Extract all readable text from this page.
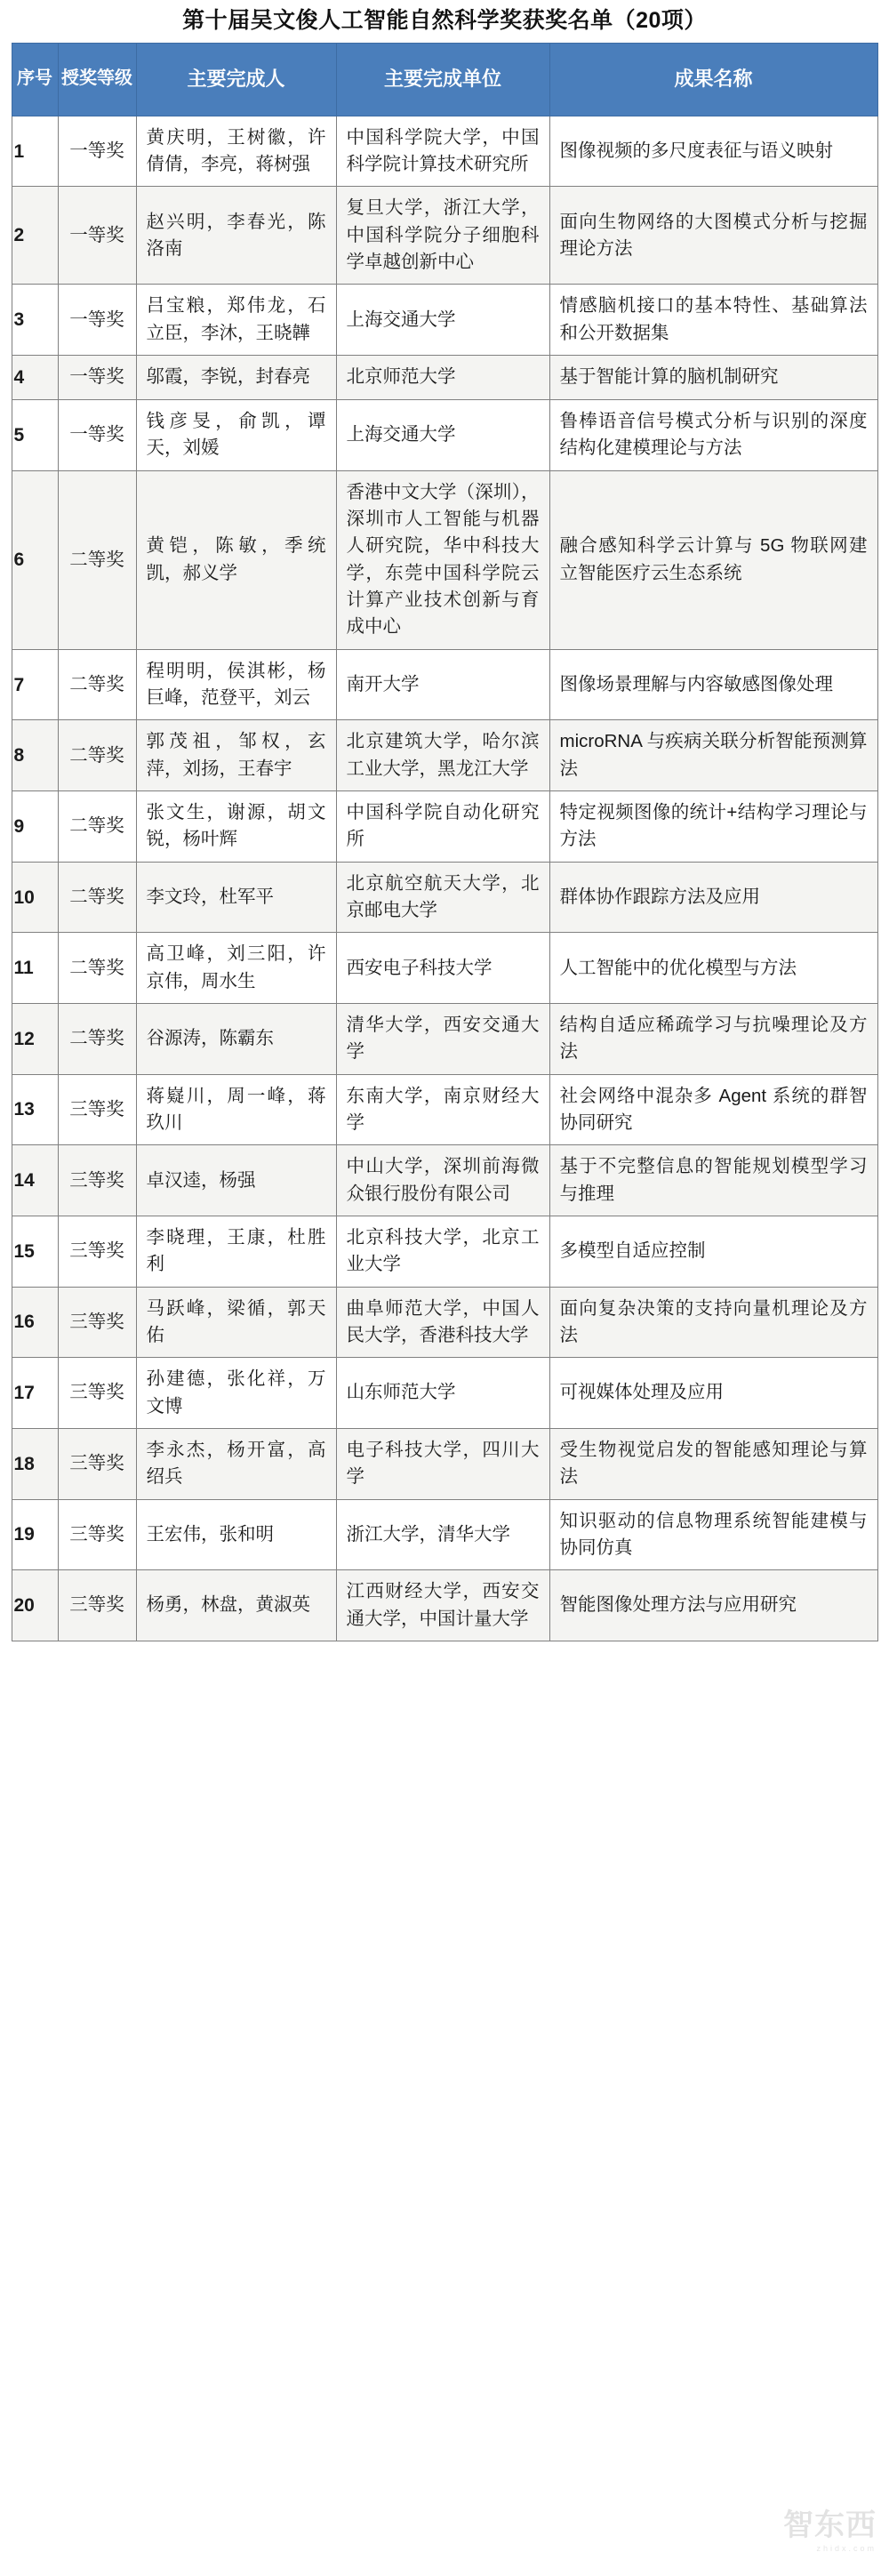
第十届吴文俊人工智能自然科学奖获奖名单（20项）
序号	授奖等级	主要完成人	主要完成单位	成果名称
1	一等奖	黄庆明，王树徽，许倩倩，李亮，蒋树强	中国科学院大学，中国科学院计算技术研究所	图像视频的多尺度表征与语义映射
2	一等奖	赵兴明，李春光，陈洛南	复旦大学，浙江大学，中国科学院分子细胞科学卓越创新中心	面向生物网络的大图模式分析与挖掘理论方法
3	一等奖	吕宝粮，郑伟龙，石立臣，李沐，王晓韡	上海交通大学	情感脑机接口的基本特性、基础算法和公开数据集
4	一等奖	邬霞，李锐，封春亮	北京师范大学	基于智能计算的脑机制研究
5	一等奖	钱彦旻，俞凯，谭天，刘媛	上海交通大学	鲁棒语音信号模式分析与识别的深度结构化建模理论与方法
6	二等奖	黄铠，陈敏，季统凯，郝义学	香港中文大学（深圳），深圳市人工智能与机器人研究院，华中科技大学，东莞中国科学院云计算产业技术创新与育成中心	融合感知科学云计算与 5G 物联网建立智能医疗云生态系统
7	二等奖	程明明，侯淇彬，杨巨峰，范登平，刘云	南开大学	图像场景理解与内容敏感图像处理
8	二等奖	郭茂祖，邹权，玄萍，刘扬，王春宇	北京建筑大学，哈尔滨工业大学，黑龙江大学	microRNA 与疾病关联分析智能预测算法
9	二等奖	张文生，谢源，胡文锐，杨叶辉	中国科学院自动化研究所	特定视频图像的统计+结构学习理论与方法
10	二等奖	李文玲，杜军平	北京航空航天大学，北京邮电大学	群体协作跟踪方法及应用
11	二等奖	高卫峰，刘三阳，许京伟，周水生	西安电子科技大学	人工智能中的优化模型与方法
12	二等奖	谷源涛，陈霸东	清华大学，西安交通大学	结构自适应稀疏学习与抗噪理论及方法
13	三等奖	蒋嶷川，周一峰，蒋玖川	东南大学，南京财经大学	社会网络中混杂多 Agent 系统的群智协同研究
14	三等奖	卓汉逵，杨强	中山大学，深圳前海微众银行股份有限公司	基于不完整信息的智能规划模型学习与推理
15	三等奖	李晓理，王康，杜胜利	北京科技大学，北京工业大学	多模型自适应控制
16	三等奖	马跃峰，梁循，郭天佑	曲阜师范大学，中国人民大学，香港科技大学	面向复杂决策的支持向量机理论及方法
17	三等奖	孙建德，张化祥，万文博	山东师范大学	可视媒体处理及应用
18	三等奖	李永杰，杨开富，高绍兵	电子科技大学，四川大学	受生物视觉启发的智能感知理论与算法
19	三等奖	王宏伟，张和明	浙江大学，清华大学	知识驱动的信息物理系统智能建模与协同仿真
20	三等奖	杨勇，林盘，黄淑英	江西财经大学，西安交通大学，中国计量大学	智能图像处理方法与应用研究
智东西
zhidx.com
